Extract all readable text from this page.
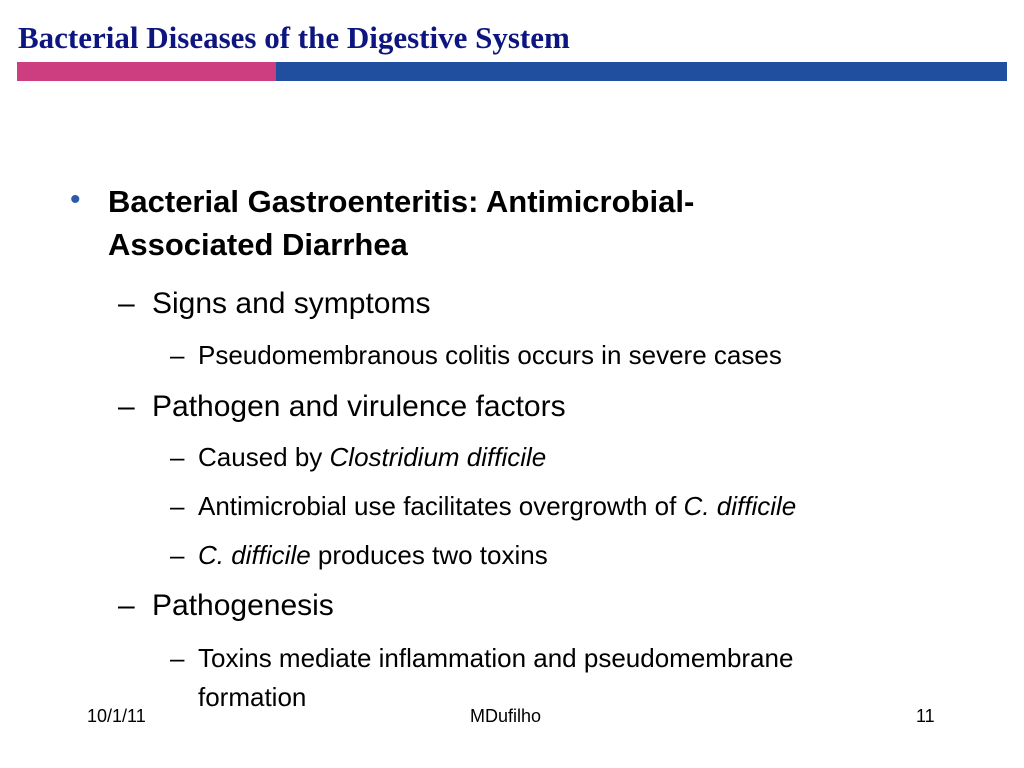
Bacterial Diseases of the Digestive System
• Bacterial Gastroenteritis: Antimicrobial-
Associated Diarrhea
– Signs and symptoms
– Pseudomembranous colitis occurs in severe cases
– Pathogen and virulence factors
– Caused by Clostridium difficile
– Antimicrobial use facilitates overgrowth of C. difficile
– C. difficile produces two toxins
– Pathogenesis
– Toxins mediate inflammation and pseudomembrane
formation
10/1/11	MDufilho	11
